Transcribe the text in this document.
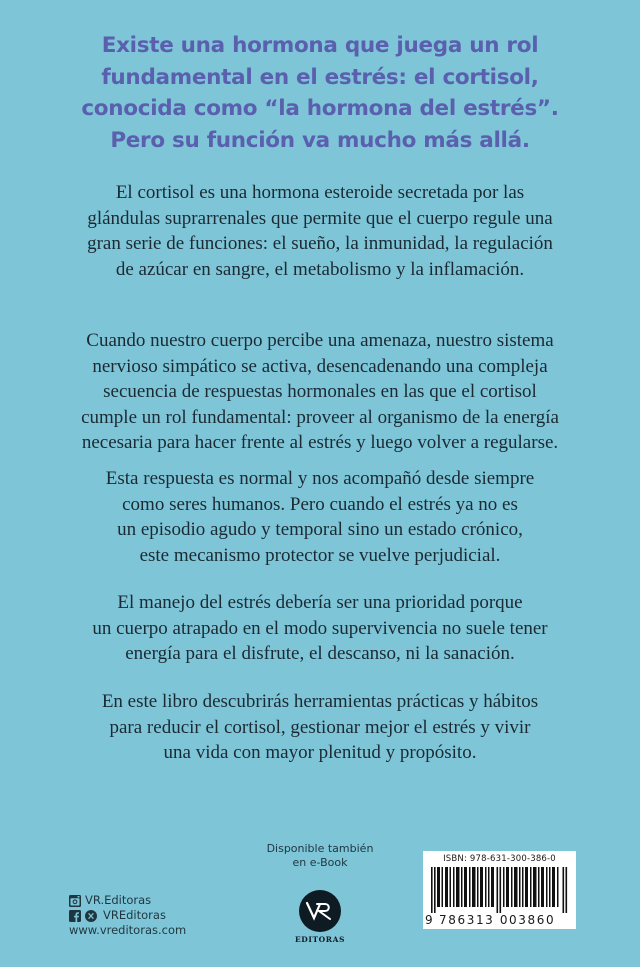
Existe una hormona que juega un rol
fundamental en el estrés: el cortisol,
conocida como “la hormona del estrés”.
Pero su función va mucho más allá.
El cortisol es una hormona esteroide secretada por las
glándulas suprarrenales que permite que el cuerpo regule una
gran serie de funciones: el sueño, la inmunidad, la regulación
de azúcar en sangre, el metabolismo y la inflamación.
Cuando nuestro cuerpo percibe una amenaza, nuestro sistema
nervioso simpático se activa, desencadenando una compleja
secuencia de respuestas hormonales en las que el cortisol
cumple un rol fundamental: proveer al organismo de la energía
necesaria para hacer frente al estrés y luego volver a regularse.
Esta respuesta es normal y nos acompañó desde siempre
como seres humanos. Pero cuando el estrés ya no es
un episodio agudo y temporal sino un estado crónico,
este mecanismo protector se vuelve perjudicial.
El manejo del estrés debería ser una prioridad porque
un cuerpo atrapado en el modo supervivencia no suele tener
energía para el disfrute, el descanso, ni la sanación.
En este libro descubrirás herramientas prácticas y hábitos
para reducir el cortisol, gestionar mejor el estrés y vivir
una vida con mayor plenitud y propósito.
VR.Editoras
VREditoras
www.vreditoras.com
Disponible también
en e-Book
EDITORAS
ISBN: 978-631-300-386-0
9 786313 003860
